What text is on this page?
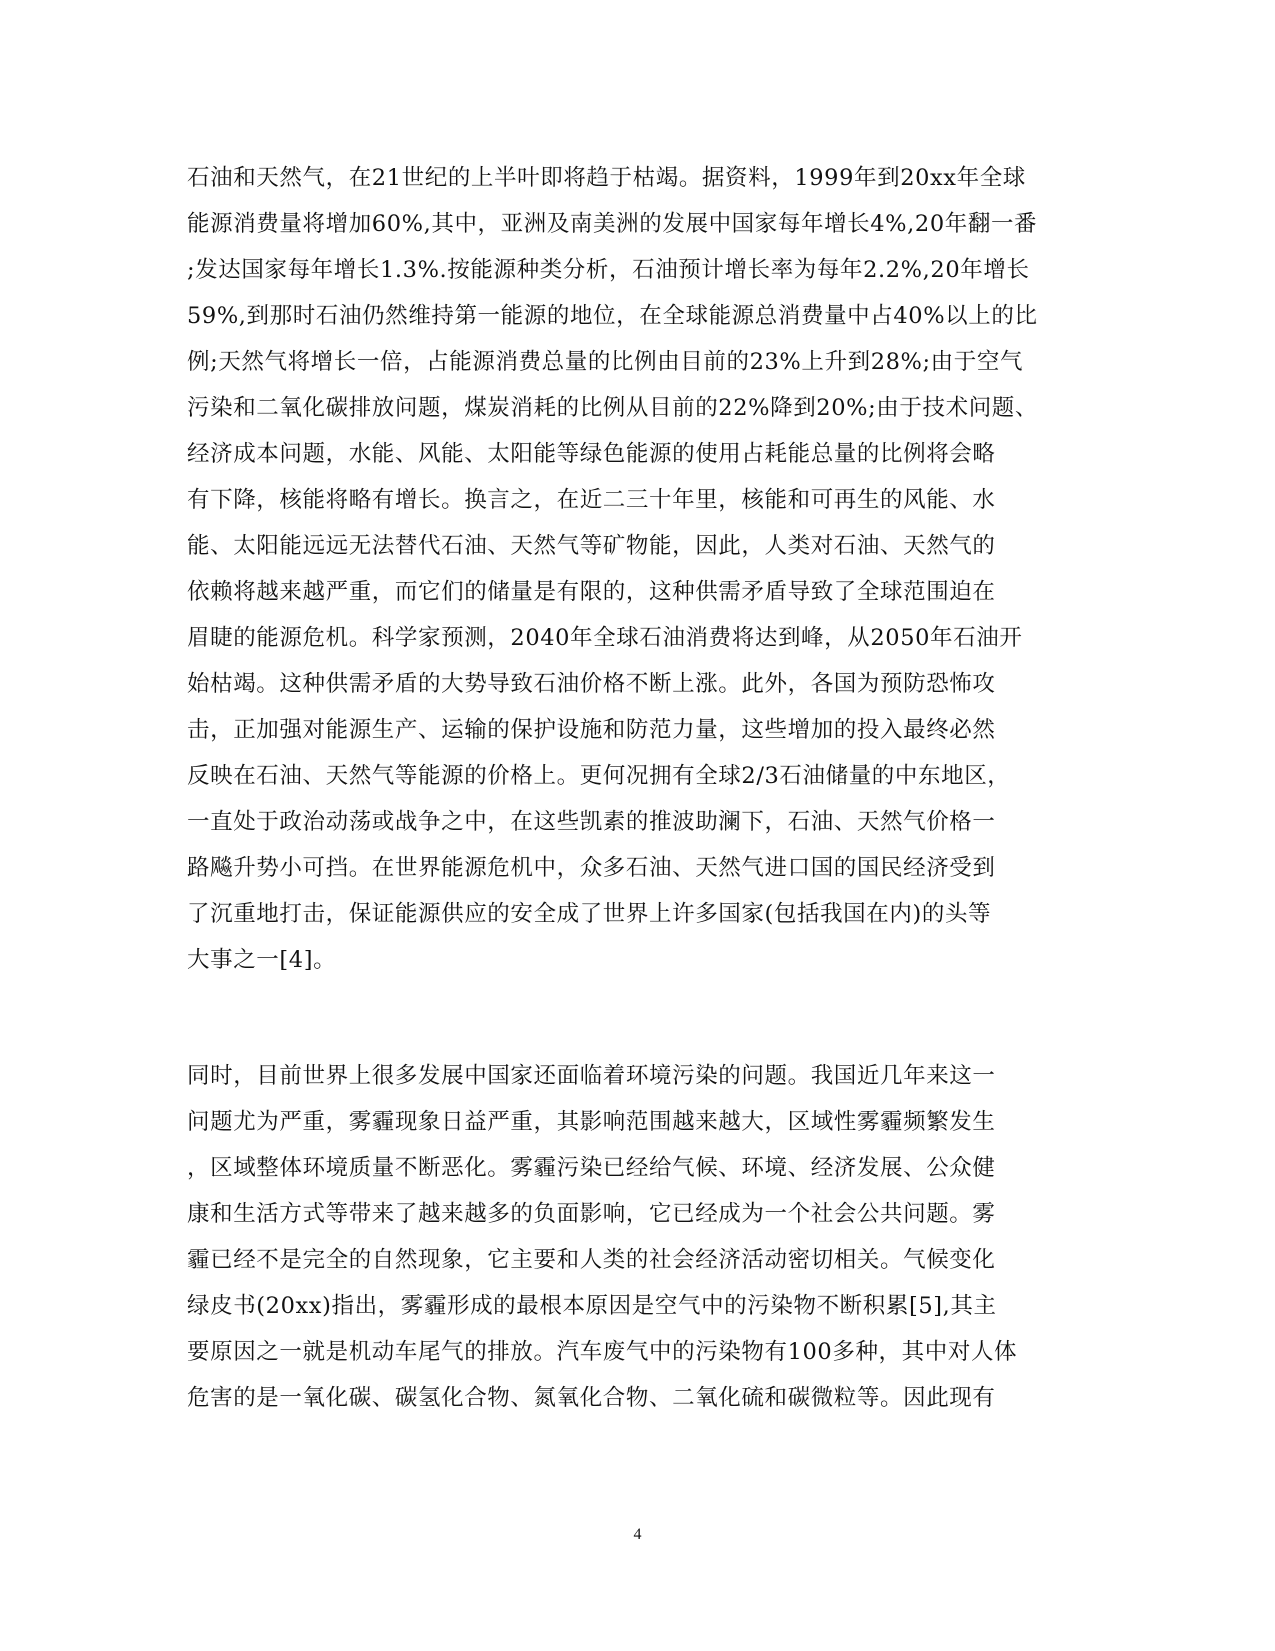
石油和天然气，在21世纪的上半叶即将趋于枯竭。据资料，1999年到20xx年全球
能源消费量将增加60%,其中，亚洲及南美洲的发展中国家每年增长4%,20年翻一番
;发达国家每年增长1.3%.按能源种类分析，石油预计增长率为每年2.2%,20年增长
59%,到那时石油仍然维持第一能源的地位，在全球能源总消费量中占40%以上的比
例;天然气将增长一倍，占能源消费总量的比例由目前的23%上升到28%;由于空气
污染和二氧化碳排放问题，煤炭消耗的比例从目前的22%降到20%;由于技术问题、
经济成本问题，水能、风能、太阳能等绿色能源的使用占耗能总量的比例将会略
有下降，核能将略有增长。换言之，在近二三十年里，核能和可再生的风能、水
能、太阳能远远无法替代石油、天然气等矿物能，因此，人类对石油、天然气的
依赖将越来越严重，而它们的储量是有限的，这种供需矛盾导致了全球范围迫在
眉睫的能源危机。科学家预测，2040年全球石油消费将达到峰，从2050年石油开
始枯竭。这种供需矛盾的大势导致石油价格不断上涨。此外，各国为预防恐怖攻
击，正加强对能源生产、运输的保护设施和防范力量，这些增加的投入最终必然
反映在石油、天然气等能源的价格上。更何况拥有全球2/3石油储量的中东地区，
一直处于政治动荡或战争之中，在这些凯素的推波助澜下，石油、天然气价格一
路飚升势小可挡。在世界能源危机中，众多石油、天然气进口国的国民经济受到
了沉重地打击，保证能源供应的安全成了世界上许多国家(包括我国在内)的头等
大事之一[4]。
同时，目前世界上很多发展中国家还面临着环境污染的问题。我国近几年来这一
问题尤为严重，雾霾现象日益严重，其影响范围越来越大，区域性雾霾频繁发生
，区域整体环境质量不断恶化。雾霾污染已经给气候、环境、经济发展、公众健
康和生活方式等带来了越来越多的负面影响，它已经成为一个社会公共问题。雾
霾已经不是完全的自然现象，它主要和人类的社会经济活动密切相关。气候变化
绿皮书(20xx)指出，雾霾形成的最根本原因是空气中的污染物不断积累[5],其主
要原因之一就是机动车尾气的排放。汽车废气中的污染物有100多种，其中对人体
危害的是一氧化碳、碳氢化合物、氮氧化合物、二氧化硫和碳微粒等。因此现有
4
